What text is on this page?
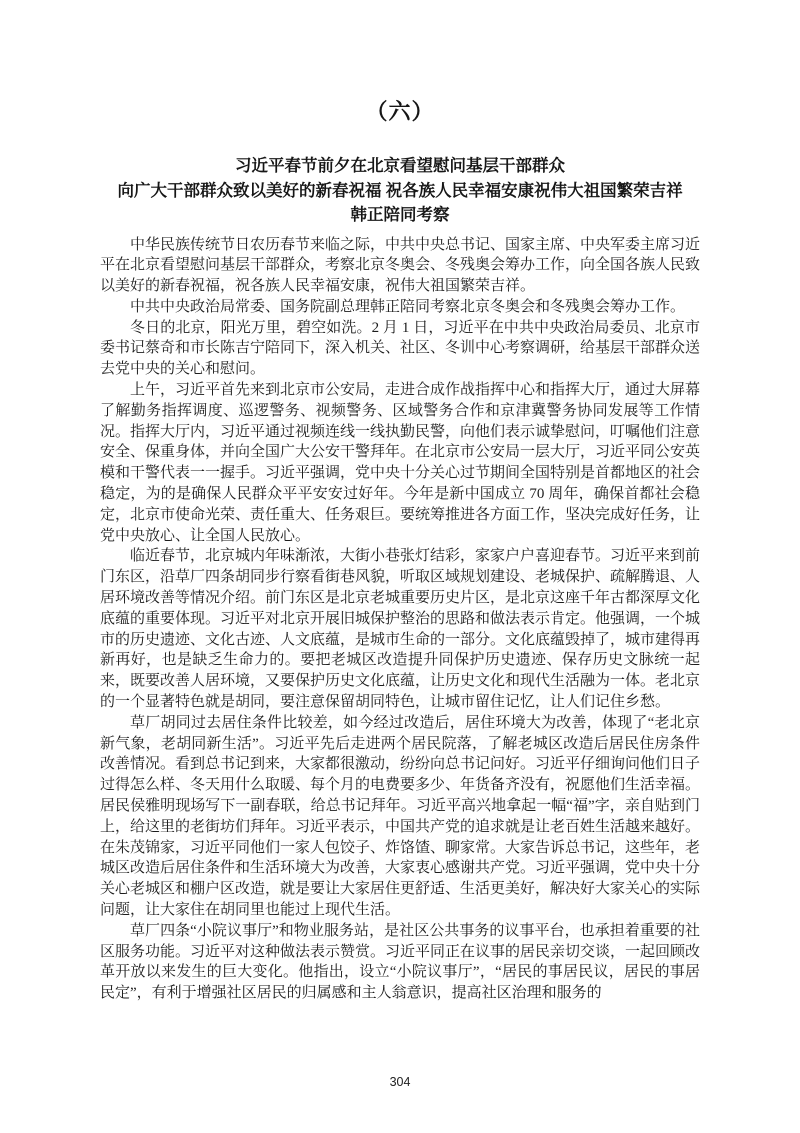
（六）
习近平春节前夕在北京看望慰问基层干部群众
向广大干部群众致以美好的新春祝福 祝各族人民幸福安康祝伟大祖国繁荣吉祥
韩正陪同考察

中华民族传统节日农历春节来临之际，中共中央总书记、国家主席、中央军委主席习近平在北京看望慰问基层干部群众，考察北京冬奥会、冬残奥会筹办工作，向全国各族人民致以美好的新春祝福，祝各族人民幸福安康，祝伟大祖国繁荣吉祥。

中共中央政治局常委、国务院副总理韩正陪同考察北京冬奥会和冬残奥会筹办工作。

冬日的北京，阳光万里，碧空如洗。2 月 1 日，习近平在中共中央政治局委员、北京市委书记蔡奇和市长陈吉宁陪同下，深入机关、社区、冬训中心考察调研，给基层干部群众送去党中央的关心和慰问。

上午，习近平首先来到北京市公安局，走进合成作战指挥中心和指挥大厅，通过大屏幕了解勤务指挥调度、巡逻警务、视频警务、区域警务合作和京津冀警务协同发展等工作情况。指挥大厅内，习近平通过视频连线一线执勤民警，向他们表示诚挚慰问，叮嘱他们注意安全、保重身体，并向全国广大公安干警拜年。在北京市公安局一层大厅，习近平同公安英模和干警代表一一握手。习近平强调，党中央十分关心过节期间全国特别是首都地区的社会稳定，为的是确保人民群众平平安安过好年。今年是新中国成立 70 周年，确保首都社会稳定，北京市使命光荣、责任重大、任务艰巨。要统筹推进各方面工作，坚决完成好任务，让党中央放心、让全国人民放心。

临近春节，北京城内年味渐浓，大街小巷张灯结彩，家家户户喜迎春节。习近平来到前门东区，沿草厂四条胡同步行察看街巷风貌，听取区域规划建设、老城保护、疏解腾退、人居环境改善等情况介绍。前门东区是北京老城重要历史片区，是北京这座千年古都深厚文化底蕴的重要体现。习近平对北京开展旧城保护整治的思路和做法表示肯定。他强调，一个城市的历史遗迹、文化古迹、人文底蕴，是城市生命的一部分。文化底蕴毁掉了，城市建得再新再好，也是缺乏生命力的。要把老城区改造提升同保护历史遗迹、保存历史文脉统一起来，既要改善人居环境，又要保护历史文化底蕴，让历史文化和现代生活融为一体。老北京的一个显著特色就是胡同，要注意保留胡同特色，让城市留住记忆，让人们记住乡愁。

草厂胡同过去居住条件比较差，如今经过改造后，居住环境大为改善，体现了“老北京新气象，老胡同新生活”。习近平先后走进两个居民院落，了解老城区改造后居民住房条件改善情况。看到总书记到来，大家都很激动，纷纷向总书记问好。习近平仔细询问他们日子过得怎么样、冬天用什么取暖、每个月的电费要多少、年货备齐没有，祝愿他们生活幸福。居民侯雅明现场写下一副春联，给总书记拜年。习近平高兴地拿起一幅“福”字，亲自贴到门上，给这里的老街坊们拜年。习近平表示，中国共产党的追求就是让老百姓生活越来越好。在朱茂锦家，习近平同他们一家人包饺子、炸饹馇、聊家常。大家告诉总书记，这些年，老城区改造后居住条件和生活环境大为改善，大家衷心感谢共产党。习近平强调，党中央十分关心老城区和棚户区改造，就是要让大家居住更舒适、生活更美好，解决好大家关心的实际问题，让大家住在胡同里也能过上现代生活。

草厂四条“小院议事厅”和物业服务站，是社区公共事务的议事平台，也承担着重要的社区服务功能。习近平对这种做法表示赞赏。习近平同正在议事的居民亲切交谈，一起回顾改革开放以来发生的巨大变化。他指出，设立“小院议事厅”，“居民的事居民议，居民的事居民定”，有利于增强社区居民的归属感和主人翁意识，提高社区治理和服务的

304
